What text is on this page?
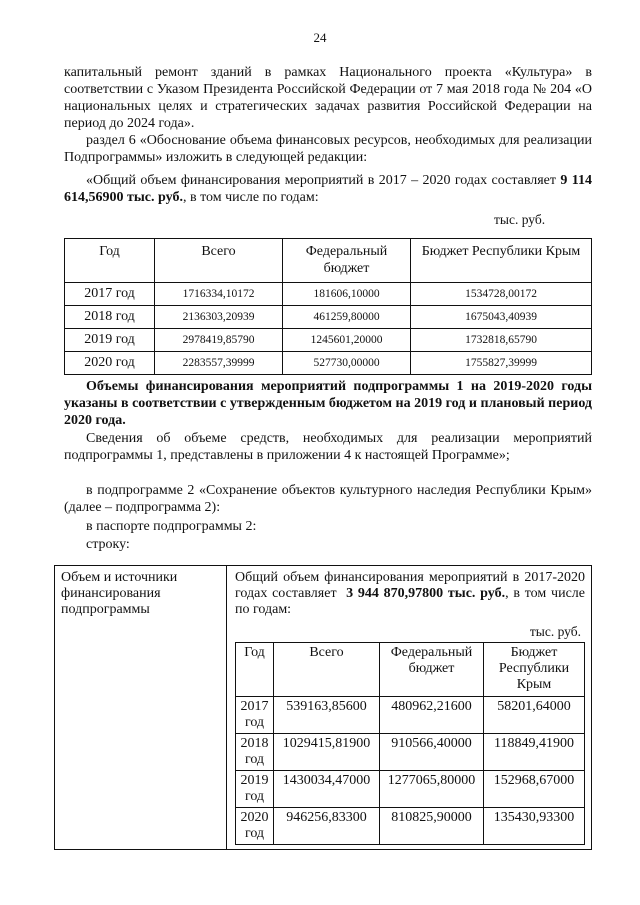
24

капитальный ремонт зданий в рамках Национального проекта «Культура» в соответствии с Указом Президента Российской Федерации от 7 мая 2018 года № 204 «О национальных целях и стратегических задачах развития Российской Федерации на период до 2024 года».

раздел 6 «Обоснование объема финансовых ресурсов, необходимых для реализации Подпрограммы» изложить в следующей редакции:

«Общий объем финансирования мероприятий в 2017 – 2020 годах составляет 9 114 614,56900 тыс. руб., в том числе по годам:

тыс. руб.
Год	Всего	Федеральный бюджет	Бюджет Республики Крым
2017 год	1716334,10172	181606,10000	1534728,00172
2018 год	2136303,20939	461259,80000	1675043,40939
2019 год	2978419,85790	1245601,20000	1732818,65790
2020 год	2283557,39999	527730,00000	1755827,39999

Объемы финансирования мероприятий подпрограммы 1 на 2019-2020 годы указаны в соответствии с утвержденным бюджетом на 2019 год и плановый период 2020 года.

Сведения об объеме средств, необходимых для реализации мероприятий подпрограммы 1, представлены в приложении 4 к настоящей Программе»;

в подпрограмме 2 «Сохранение объектов культурного наследия Республики Крым» (далее – подпрограмма 2):

в паспорте подпрограммы 2:

строку:

Объем и источники финансирования подпрограммы	
Общий объем финансирования мероприятий в 2017-2020 годах составляет 3 944 870,97800 тыс. руб., в том числе по годам:
тыс. руб.
Год	Всего	Федеральный бюджет	Бюджет Республики Крым
2017 год	539163,85600	480962,21600	58201,64000
2018 год	1029415,81900	910566,40000	118849,41900
2019 год	1430034,47000	1277065,80000	152968,67000
2020 год	946256,83300	810825,90000	135430,93300
